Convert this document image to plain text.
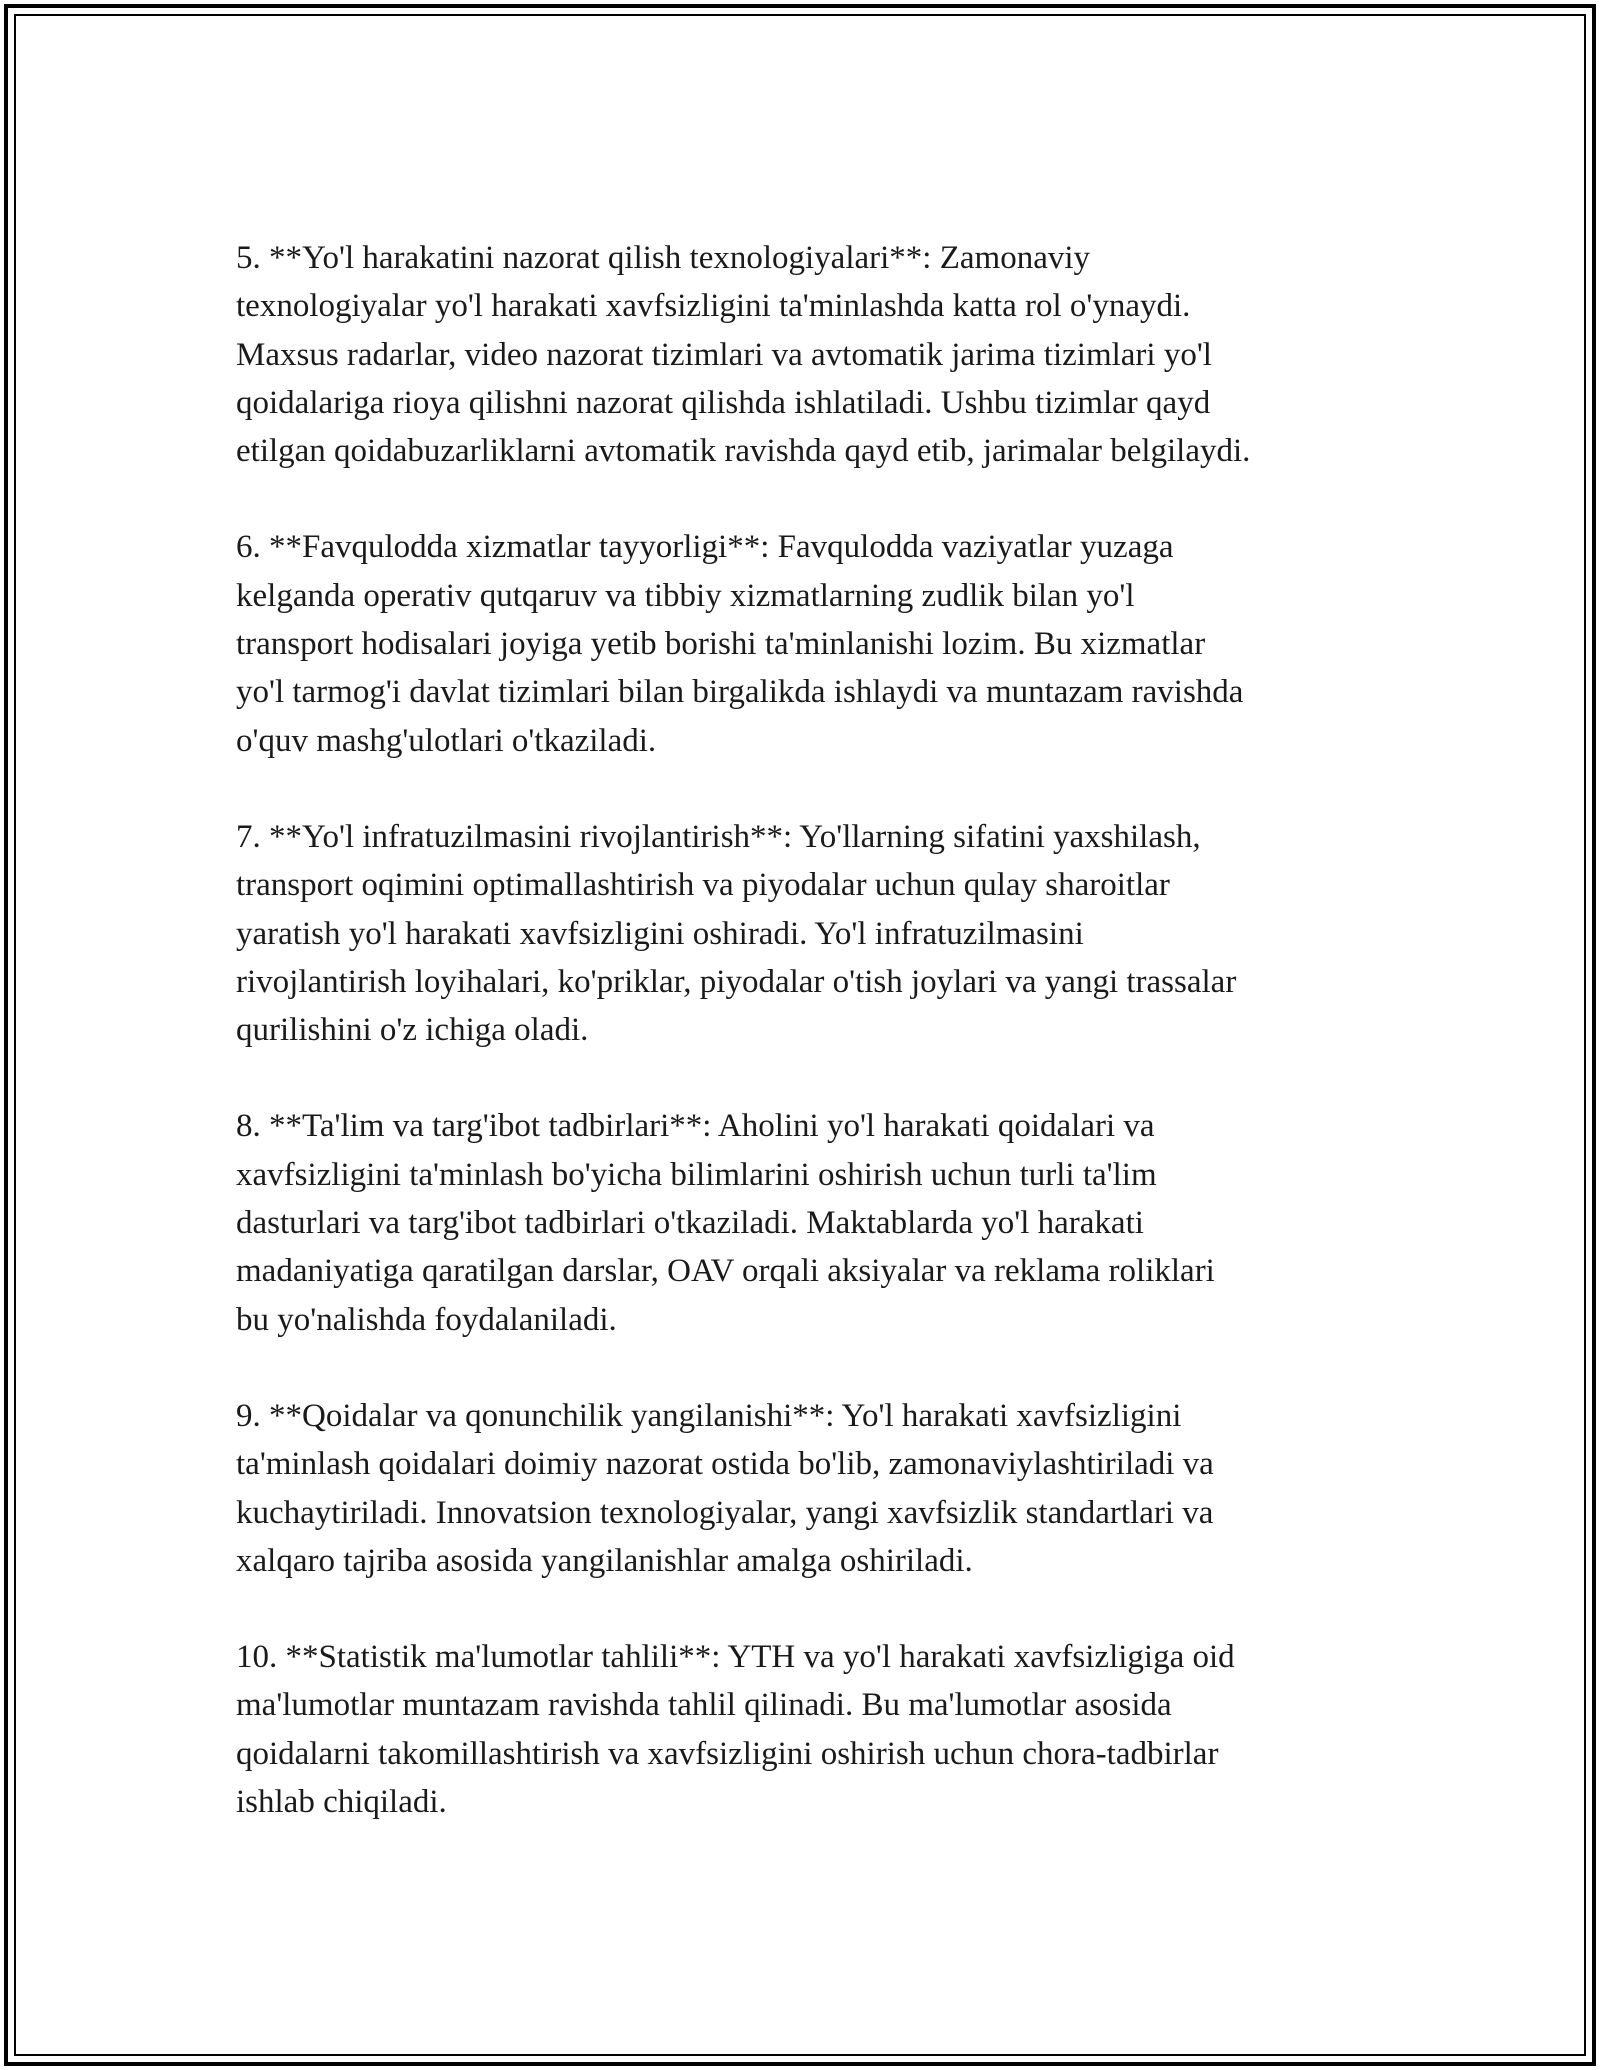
5. **Yo'l harakatini nazorat qilish texnologiyalari**: Zamonaviy
texnologiyalar yo'l harakati xavfsizligini ta'minlashda katta rol o'ynaydi.
Maxsus radarlar, video nazorat tizimlari va avtomatik jarima tizimlari yo'l
qoidalariga rioya qilishni nazorat qilishda ishlatiladi. Ushbu tizimlar qayd
etilgan qoidabuzarliklarni avtomatik ravishda qayd etib, jarimalar belgilaydi.

6. **Favqulodda xizmatlar tayyorligi**: Favqulodda vaziyatlar yuzaga
kelganda operativ qutqaruv va tibbiy xizmatlarning zudlik bilan yo'l
transport hodisalari joyiga yetib borishi ta'minlanishi lozim. Bu xizmatlar
yo'l tarmog'i davlat tizimlari bilan birgalikda ishlaydi va muntazam ravishda
o'quv mashg'ulotlari o'tkaziladi.

7. **Yo'l infratuzilmasini rivojlantirish**: Yo'llarning sifatini yaxshilash,
transport oqimini optimallashtirish va piyodalar uchun qulay sharoitlar
yaratish yo'l harakati xavfsizligini oshiradi. Yo'l infratuzilmasini
rivojlantirish loyihalari, ko'priklar, piyodalar o'tish joylari va yangi trassalar
qurilishini o'z ichiga oladi.

8. **Ta'lim va targ'ibot tadbirlari**: Aholini yo'l harakati qoidalari va
xavfsizligini ta'minlash bo'yicha bilimlarini oshirish uchun turli ta'lim
dasturlari va targ'ibot tadbirlari o'tkaziladi. Maktablarda yo'l harakati
madaniyatiga qaratilgan darslar, OAV orqali aksiyalar va reklama roliklari
bu yo'nalishda foydalaniladi.

9. **Qoidalar va qonunchilik yangilanishi**: Yo'l harakati xavfsizligini
ta'minlash qoidalari doimiy nazorat ostida bo'lib, zamonaviylashtiriladi va
kuchaytiriladi. Innovatsion texnologiyalar, yangi xavfsizlik standartlari va
xalqaro tajriba asosida yangilanishlar amalga oshiriladi.

10. **Statistik ma'lumotlar tahlili**: YTH va yo'l harakati xavfsizligiga oid
ma'lumotlar muntazam ravishda tahlil qilinadi. Bu ma'lumotlar asosida
qoidalarni takomillashtirish va xavfsizligini oshirish uchun chora-tadbirlar
ishlab chiqiladi.
